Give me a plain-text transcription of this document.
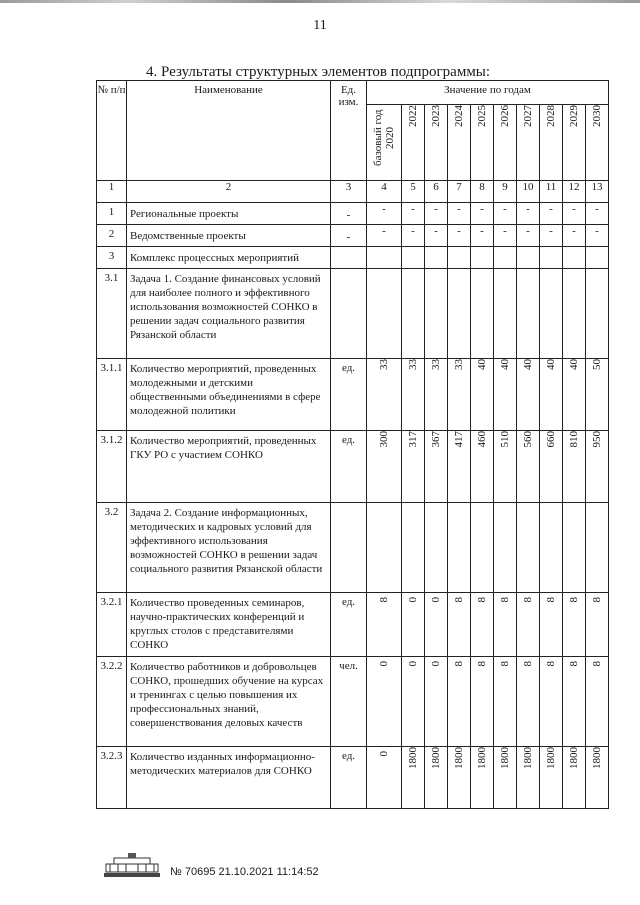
11
4. Результаты структурных элементов подпрограммы:
№ п/п	Наименование	Ед. изм.	Значение по годам									
			базовый год 2020	2022	2023	2024	2025	2026	2027	2028	2029	2030
1	2	3	4	5	6	7	8	9	10	11	12	13
1	Региональные проекты	-	-	-	-	-	-	-	-	-	-	-
2	Ведомственные проекты	-	-	-	-	-	-	-	-	-	-	-
3	Комплекс процессных мероприятий											
3.1	Задача 1. Создание финансовых условий для наиболее полного и эффективного использования возможностей СОНКО в решении задач социального развития Рязанской области											
3.1.1	Количество мероприятий, проведенных молодежными и детскими общественными объединениями в сфере молодежной политики	ед.	33	33	33	33	40	40	40	40	40	50
3.1.2	Количество мероприятий, проведенных ГКУ РО с участием СОНКО	ед.	300	317	367	417	460	510	560	660	810	950
3.2	Задача 2. Создание информационных, методических и кадровых условий для эффективного использования возможностей СОНКО в решении задач социального развития Рязанской области											
3.2.1	Количество проведенных семинаров, научно-практических конференций и круглых столов с представителями СОНКО	ед.	8	0	0	8	8	8	8	8	8	8
3.2.2	Количество работников и добровольцев СОНКО, прошедших обучение на курсах и тренингах с целью повышения их профессиональных знаний, совершенствования деловых качеств	чел.	0	0	0	8	8	8	8	8	8	8
3.2.3	Количество изданных информационно-методических материалов для СОНКО	ед.	0	1800	1800	1800	1800	1800	1800	1800	1800	1800
№ 70695 21.10.2021 11:14:52
